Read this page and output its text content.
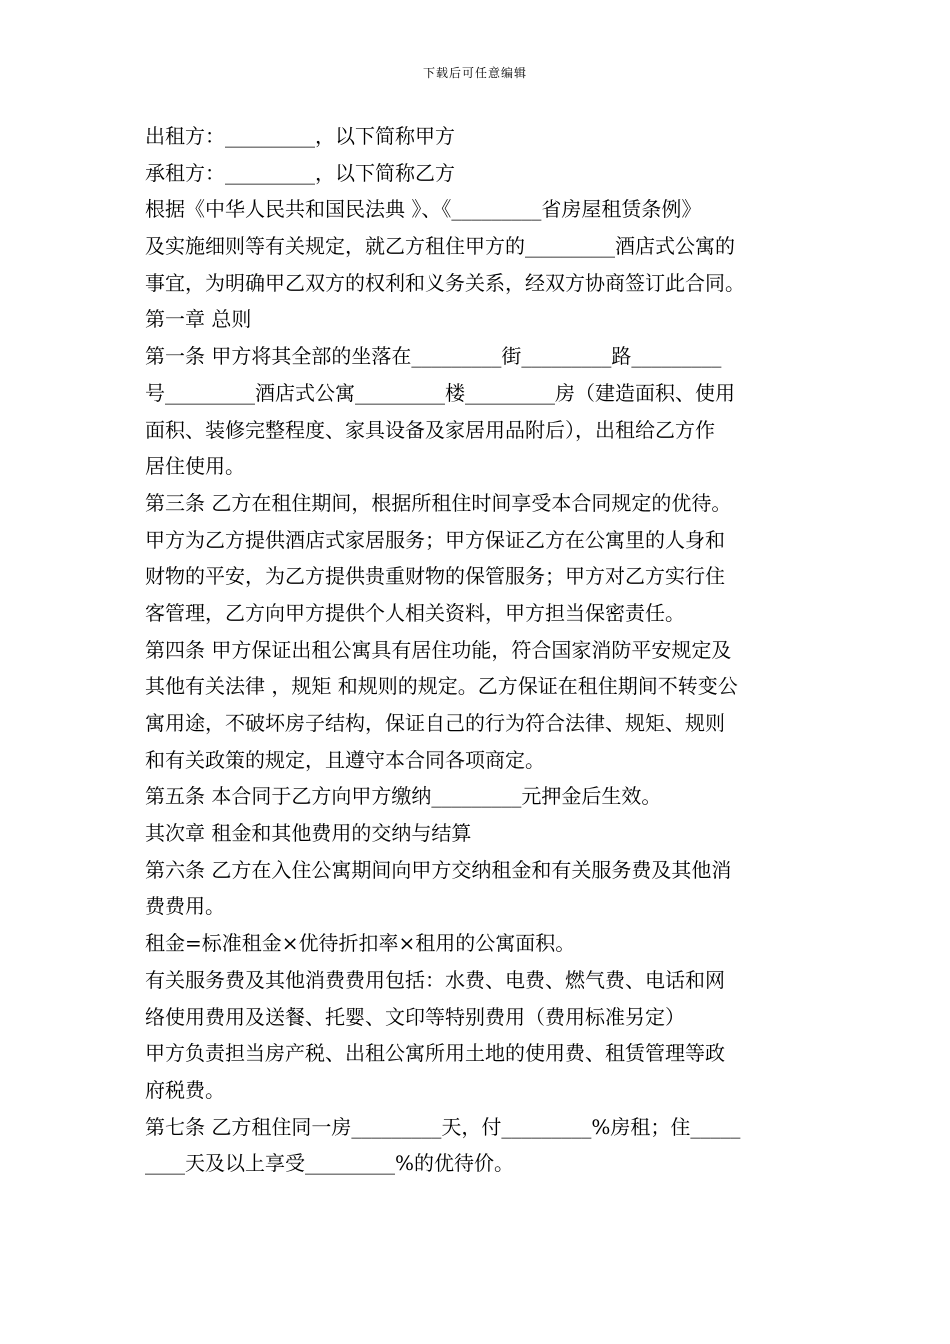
下载后可任意编辑
出租方：_________，以下简称甲方
承租方：_________，以下简称乙方
根据《中华人民共和国民法典 》、《_________省房屋租赁条例》
及实施细则等有关规定，就乙方租住甲方的_________酒店式公寓的
事宜，为明确甲乙双方的权利和义务关系，经双方协商签订此合同。
第一章 总则
第一条 甲方将其全部的坐落在_________街_________路_________
号_________酒店式公寓_________楼_________房（建造面积、使用
面积、装修完整程度、家具设备及家居用品附后），出租给乙方作
居住使用。
第三条 乙方在租住期间，根据所租住时间享受本合同规定的优待。
甲方为乙方提供酒店式家居服务；甲方保证乙方在公寓里的人身和
财物的平安，为乙方提供贵重财物的保管服务；甲方对乙方实行住
客管理，乙方向甲方提供个人相关资料，甲方担当保密责任。
第四条 甲方保证出租公寓具有居住功能，符合国家消防平安规定及
其他有关法律 ，规矩 和规则的规定。乙方保证在租住期间不转变公
寓用途，不破坏房子结构，保证自己的行为符合法律、规矩、规则
和有关政策的规定，且遵守本合同各项商定。
第五条 本合同于乙方向甲方缴纳_________元押金后生效。
其次章 租金和其他费用的交纳与结算
第六条 乙方在入住公寓期间向甲方交纳租金和有关服务费及其他消
费费用。
租金=标准租金×优待折扣率×租用的公寓面积。
有关服务费及其他消费费用包括：水费、电费、燃气费、电话和网
络使用费用及送餐、托婴、文印等特别费用（费用标准另定）
甲方负责担当房产税、出租公寓所用土地的使用费、租赁管理等政
府税费。
第七条 乙方租住同一房_________天，付_________%房租；住_____
____天及以上享受_________%的优待价。
